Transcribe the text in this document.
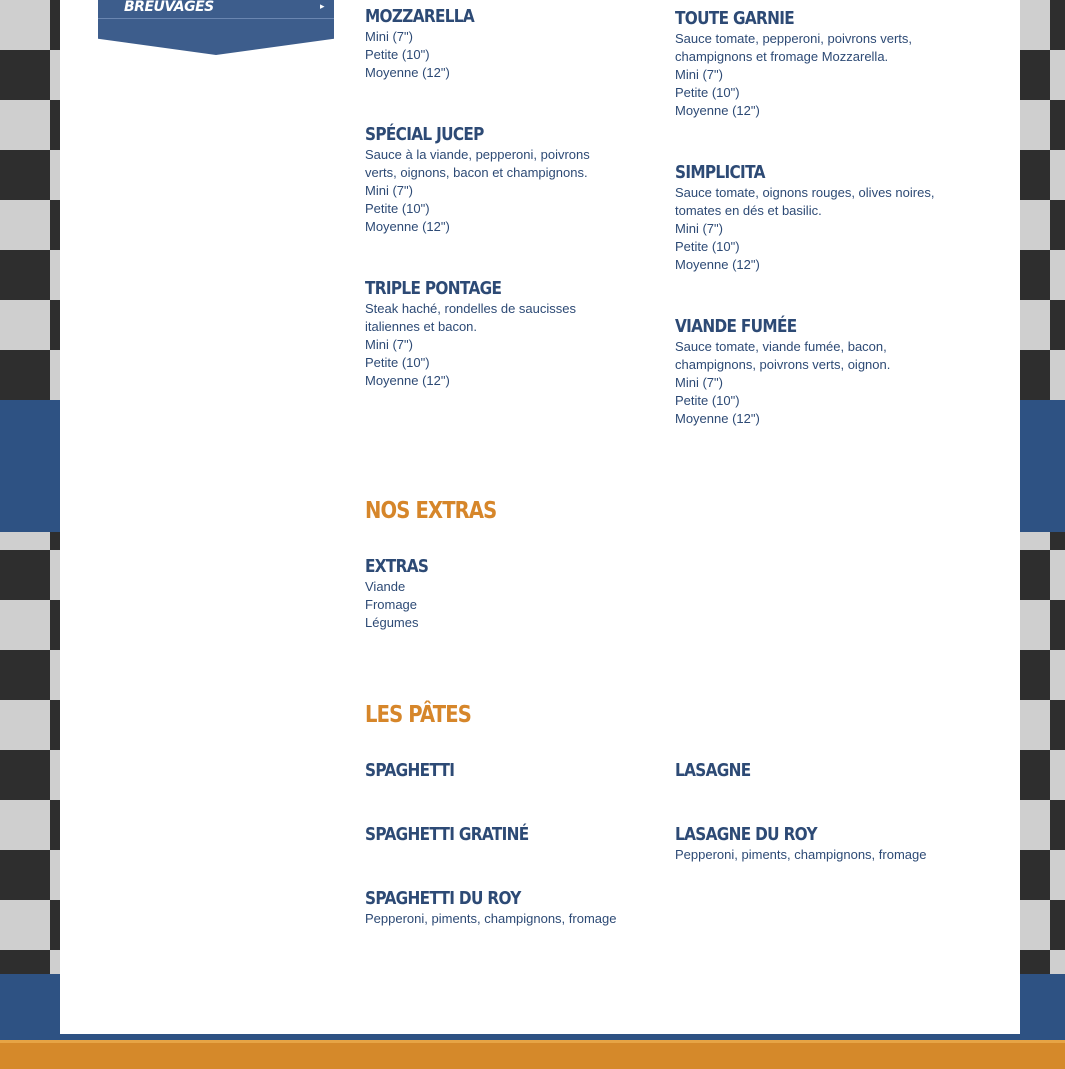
BREUVAGES	▸ MOZZARELLA
Mini (7")
Petite (10")
Moyenne (12")
SPÉCIAL JUCEP

Sauce à la viande, pepperoni, poivrons verts, oignons, bacon et champignons.

Mini (7")
Petite (10")
Moyenne (12")
TRIPLE PONTAGE

Steak haché, rondelles de saucisses italiennes et bacon.

Mini (7")
Petite (10")
Moyenne (12")
TOUTE GARNIE

Sauce tomate, pepperoni, poivrons verts, champignons et fromage Mozzarella.

Mini (7")
Petite (10")
Moyenne (12")
SIMPLICITA

Sauce tomate, oignons rouges, olives noires, tomates en dés et basilic.

Mini (7")
Petite (10")
Moyenne (12")
VIANDE FUMÉE

Sauce tomate, viande fumée, bacon, champignons, poivrons verts, oignon.

Mini (7")
Petite (10")
Moyenne (12")
NOS EXTRAS
EXTRAS
Viande
Fromage
Légumes
LES PÂTES
SPAGHETTI
SPAGHETTI GRATINÉ
SPAGHETTI DU ROY

Pepperoni, piments, champignons, fromage

LASAGNE
LASAGNE DU ROY

Pepperoni, piments, champignons, fromage
